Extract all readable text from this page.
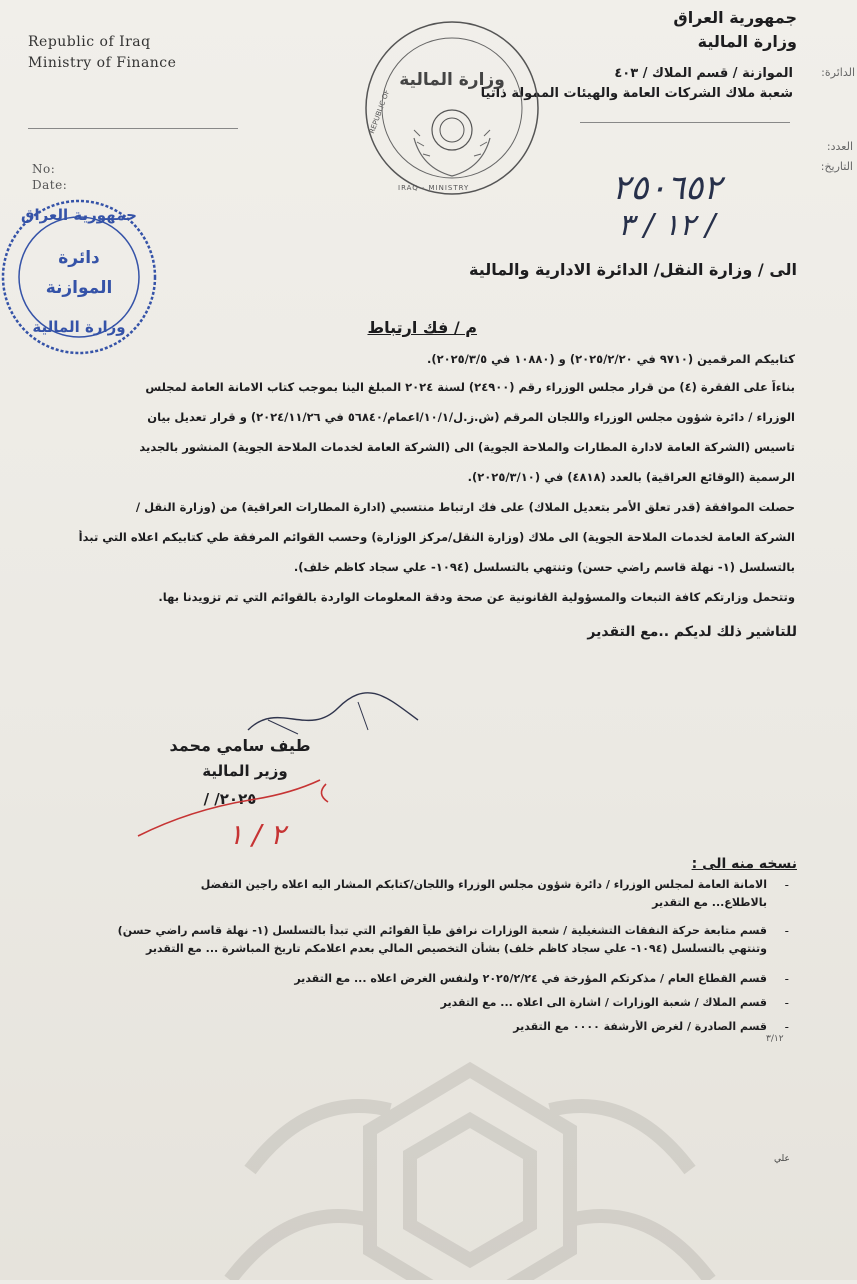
Republic of Iraq
Ministry of Finance
No:
Date:
جمهورية العراق
وزارة المالية
الدائرة:
الموازنة / قسم الملاك / ٤٠٣
شعبة ملاك الشركات العامة والهيئات الممولة ذاتيا
العدد:
التاريخ:
٢٥٠٦٥٢
١٢ / ٣ /
وزارة المالية
REPUBLIC OF
IRAQ · MINISTRY
جمهورية العراق
دائرة
الموازنة
وزارة المالية
الى / وزارة النقل/ الدائرة الادارية والمالية
م / فك ارتباط
كتابيكم المرقمين (٩٧١٠ في ٢٠٢٥/٢/٢٠) و (١٠٨٨٠ في ٢٠٢٥/٣/٥).
بناءاً على الفقرة (٤) من قرار مجلس الوزراء رقم (٢٤٩٠٠) لسنة ٢٠٢٤ المبلغ الينا بموجب كتاب الامانة العامة لمجلس
الوزراء / دائرة شؤون مجلس الوزراء واللجان المرقم (ش.ز.ل/١٠/١/اعمام/٥٦٨٤٠ في ٢٠٢٤/١١/٢٦) و قرار تعديل بيان
تاسيس (الشركة العامة لادارة المطارات والملاحة الجوية) الى (الشركة العامة لخدمات الملاحة الجوية) المنشور بالجديد
الرسمية (الوقائع العراقية) بالعدد (٤٨١٨) في (٢٠٢٥/٣/١٠).
حصلت الموافقة (قدر تعلق الأمر بتعديل الملاك) على فك ارتباط منتسبي (ادارة المطارات العراقية) من (وزارة النقل /
الشركة العامة لخدمات الملاحة الجوية) الى ملاك (وزارة النقل/مركز الوزارة) وحسب القوائم المرفقة طي كتابيكم اعلاه التي تبدأ
بالتسلسل (١- نهلة قاسم راضي حسن) وتنتهي بالتسلسل (١٠٩٤- علي سجاد كاظم خلف).
وتتحمل وزارتكم كافة التبعات والمسؤولية القانونية عن صحة ودقة المعلومات الواردة بالقوائم التي تم تزويدنا بها.
للتاشير ذلك لديكم ..مع التقدير
طيف سامي محمد
وزير المالية
٢٠٢٥/ /
٢ / ١
نسخه منه الى :
-
الامانة العامة لمجلس الوزراء / دائرة شؤون مجلس الوزراء واللجان/كتابكم المشار اليه اعلاه راجين التفضل
بالاطلاع... مع التقدير
-
قسم متابعة حركة النفقات التشغيلية / شعبة الوزارات نرافق طياً القوائم التي تبدأ بالتسلسل (١- نهلة قاسم راضي حسن)
وتنتهي بالتسلسل (١٠٩٤- علي سجاد كاظم خلف) بشأن التخصيص المالي بعدم اعلامكم تاريخ المباشرة ... مع التقدير
-
قسم القطاع العام / مذكرتكم المؤرخة في ٢٠٢٥/٢/٢٤ ولنفس الغرض اعلاه ... مع التقدير
-
قسم الملاك / شعبة الوزارات / اشارة الى اعلاه ... مع التقدير
-
قسم الصادرة / لغرض الأرشفة ٠٠٠٠ مع التقدير
٣/١٢
علي
